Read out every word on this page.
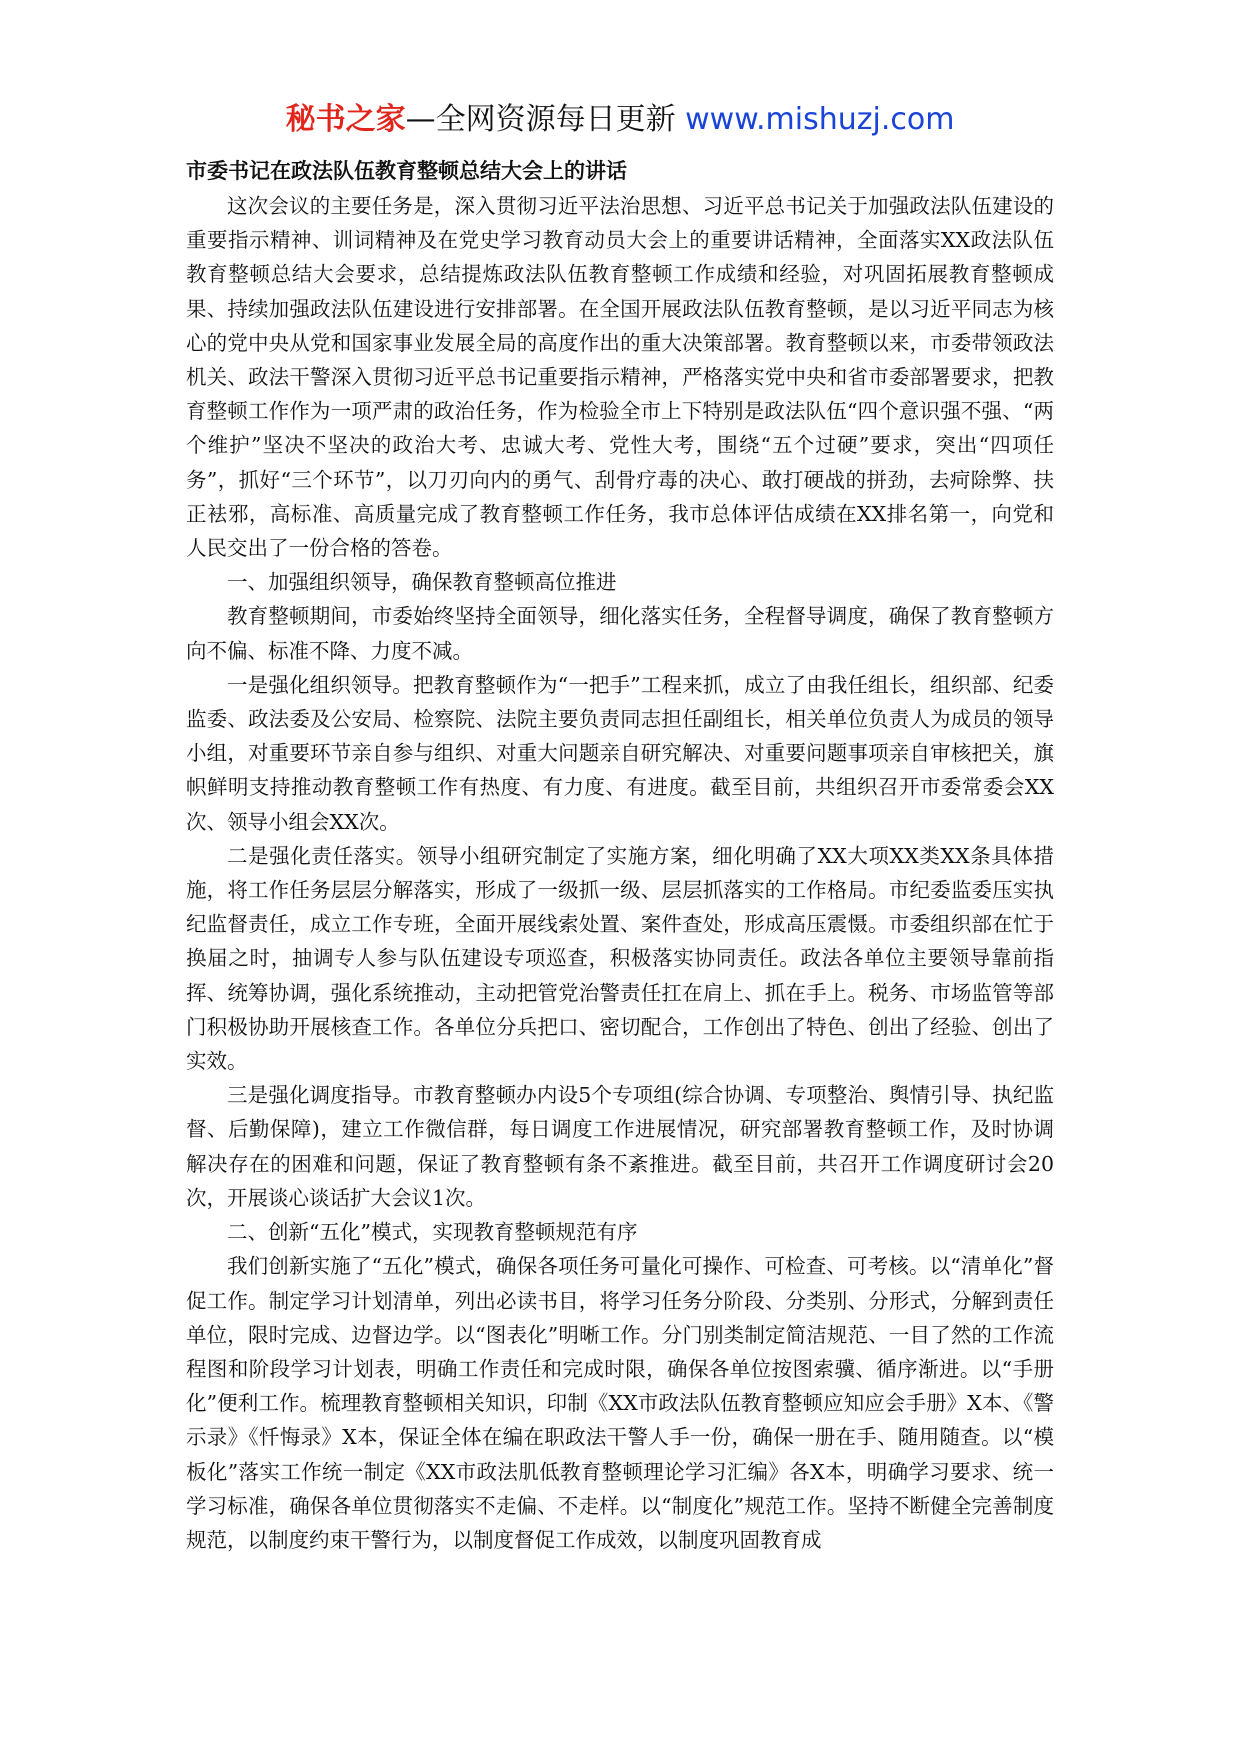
秘书之家—全网资源每日更新 www.mishuzj.com
市委书记在政法队伍教育整顿总结大会上的讲话

这次会议的主要任务是，深入贯彻习近平法治思想、习近平总书记关于加强政法队伍建设的重要指示精神、训词精神及在党史学习教育动员大会上的重要讲话精神，全面落实XX政法队伍教育整顿总结大会要求，总结提炼政法队伍教育整顿工作成绩和经验，对巩固拓展教育整顿成果、持续加强政法队伍建设进行安排部署。在全国开展政法队伍教育整顿，是以习近平同志为核心的党中央从党和国家事业发展全局的高度作出的重大决策部署。教育整顿以来，市委带领政法机关、政法干警深入贯彻习近平总书记重要指示精神，严格落实党中央和省市委部署要求，把教育整顿工作作为一项严肃的政治任务，作为检验全市上下特别是政法队伍“四个意识强不强、“两个维护”坚决不坚决的政治大考、忠诚大考、党性大考，围绕“五个过硬”要求，突出“四项任务”，抓好“三个环节”，以刀刃向内的勇气、刮骨疗毒的决心、敢打硬战的拼劲，去疴除弊、扶正袪邪，高标准、高质量完成了教育整顿工作任务，我市总体评估成绩在XX排名第一，向党和人民交出了一份合格的答卷。

一、加强组织领导，确保教育整顿高位推进

教育整顿期间，市委始终坚持全面领导，细化落实任务，全程督导调度，确保了教育整顿方向不偏、标准不降、力度不减。

一是强化组织领导。把教育整顿作为“一把手”工程来抓，成立了由我任组长，组织部、纪委监委、政法委及公安局、检察院、法院主要负责同志担任副组长，相关单位负责人为成员的领导小组，对重要环节亲自参与组织、对重大问题亲自研究解决、对重要问题事项亲自审核把关，旗帜鲜明支持推动教育整顿工作有热度、有力度、有进度。截至目前，共组织召开市委常委会XX次、领导小组会XX次。

二是强化责任落实。领导小组研究制定了实施方案，细化明确了XX大项XX类XX条具体措施，将工作任务层层分解落实，形成了一级抓一级、层层抓落实的工作格局。市纪委监委压实执纪监督责任，成立工作专班，全面开展线索处置、案件查处，形成高压震慑。市委组织部在忙于换届之时，抽调专人参与队伍建设专项巡查，积极落实协同责任。政法各单位主要领导靠前指挥、统筹协调，强化系统推动，主动把管党治警责任扛在肩上、抓在手上。税务、市场监管等部门积极协助开展核查工作。各单位分兵把口、密切配合，工作创出了特色、创出了经验、创出了实效。

三是强化调度指导。市教育整顿办内设5个专项组(综合协调、专项整治、舆情引导、执纪监督、后勤保障)，建立工作微信群，每日调度工作进展情况，研究部署教育整顿工作，及时协调解决存在的困难和问题，保证了教育整顿有条不紊推进。截至目前，共召开工作调度研讨会20次，开展谈心谈话扩大会议1次。

二、创新“五化”模式，实现教育整顿规范有序

我们创新实施了“五化”模式，确保各项任务可量化可操作、可检查、可考核。以“清单化”督促工作。制定学习计划清单，列出必读书目，将学习任务分阶段、分类别、分形式，分解到责任单位，限时完成、边督边学。以“图表化”明晰工作。分门别类制定简洁规范、一目了然的工作流程图和阶段学习计划表，明确工作责任和完成时限，确保各单位按图索骥、循序渐进。以“手册化”便利工作。梳理教育整顿相关知识，印制《XX市政法队伍教育整顿应知应会手册》X本、《警示录》《忏悔录》X本，保证全体在编在职政法干警人手一份，确保一册在手、随用随查。以“模板化”落实工作统一制定《XX市政法肌低教育整顿理论学习汇编》各X本，明确学习要求、统一学习标准，确保各单位贯彻落实不走偏、不走样。以“制度化”规范工作。坚持不断健全完善制度规范，以制度约束干警行为，以制度督促工作成效，以制度巩固教育成
